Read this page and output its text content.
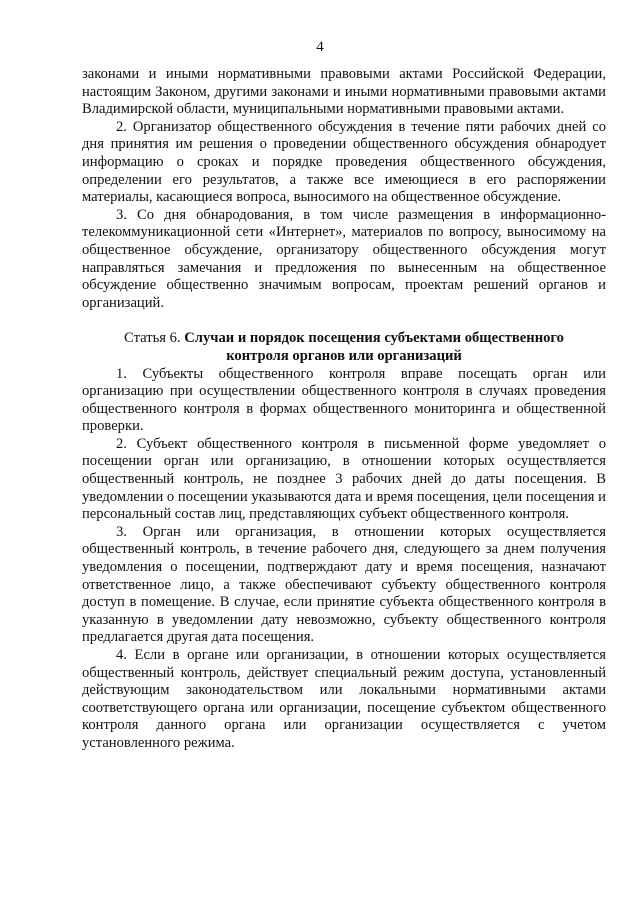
4

законами и иными нормативными правовыми актами Российской Федерации, настоящим Законом, другими законами и иными нормативными правовыми актами Владимирской области, муниципальными нормативными правовыми актами.

2. Организатор общественного обсуждения в течение пяти рабочих дней со дня принятия им решения о проведении общественного обсуждения обнародует информацию о сроках и порядке проведения общественного обсуждения, определении его результатов, а также все имеющиеся в его распоряжении материалы, касающиеся вопроса, выносимого на общественное обсуждение.

3. Со дня обнародования, в том числе размещения в информационно-телекоммуникационной сети «Интернет», материалов по вопросу, выносимому на общественное обсуждение, организатору общественного обсуждения могут направляться замечания и предложения по вынесенным на общественное обсуждение общественно значимым вопросам, проектам решений органов и организаций.

Статья 6. Случаи и порядок посещения субъектами общественного контроля органов или организаций

1. Субъекты общественного контроля вправе посещать орган или организацию при осуществлении общественного контроля в случаях проведения общественного контроля в формах общественного мониторинга и общественной проверки.

2. Субъект общественного контроля в письменной форме уведомляет о посещении орган или организацию, в отношении которых осуществляется общественный контроль, не позднее 3 рабочих дней до даты посещения. В уведомлении о посещении указываются дата и время посещения, цели посещения и персональный состав лиц, представляющих субъект общественного контроля.

3. Орган или организация, в отношении которых осуществляется общественный контроль, в течение рабочего дня, следующего за днем получения уведомления о посещении, подтверждают дату и время посещения, назначают ответственное лицо, а также обеспечивают субъекту общественного контроля доступ в помещение. В случае, если принятие субъекта общественного контроля в указанную в уведомлении дату невозможно, субъекту общественного контроля предлагается другая дата посещения.

4. Если в органе или организации, в отношении которых осуществляется общественный контроль, действует специальный режим доступа, установленный действующим законодательством или локальными нормативными актами соответствующего органа или организации, посещение субъектом общественного контроля данного органа или организации осуществляется с учетом установленного режима.
